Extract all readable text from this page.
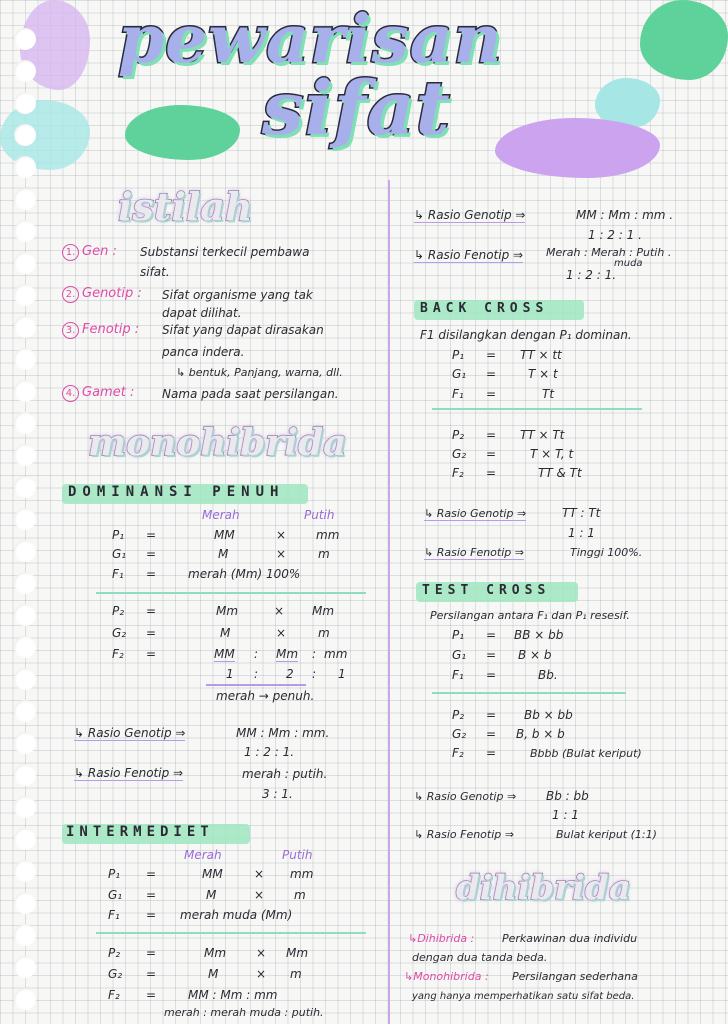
pewarisan
sifat
istilah
1. Gen : Substansi terkecil pembawa
sifat.
2. Genotip : Sifat organisme yang tak
dapat dilihat.
3. Fenotip : Sifat yang dapat dirasakan
panca indera.
↳ bentuk, Panjang, warna, dll.
4. Gamet : Nama pada saat persilangan.
monohibrida
DOMINANSI PENUH
Merah	Putih
P₁ =	MM	× mm
G₁ =	M	×	m
F₁ =	merah (Mm) 100%
P₂ =	Mm	× Mm
G₂ =	M	×	m
F₂ =	MM : Mm : mm
1 : 2 : 1
merah → penuh.
↳ Rasio Genotip ⇒	MM : Mm : mm.
1 : 2 : 1.
↳ Rasio Fenotip ⇒	merah : putih.
3 : 1.
INTERMEDIET
Merah	Putih
P₁ =	MM	× mm
G₁ =	M	× m
F₁ = merah muda (Mm)
P₂ =	Mm × Mm
G₂ =	M	× m
F₂ =	MM : Mm : mm
merah : merah muda : putih.
↳ Rasio Genotip ⇒	MM : Mm : mm .
1 : 2 : 1 .
↳ Rasio Fenotip ⇒ Merah : Merah : Putih .
muda
1 : 2 : 1.
BACK CROSS
F1 disilangkan dengan P₁ dominan.
P₁ = TT × tt
G₁ =	T × t
F₁ =	Tt
P₂ = TT × Tt
G₂ =	T × T, t
F₂ =	TT & Tt
↳ Rasio Genotip ⇒	TT : Tt
1 : 1
↳ Rasio Fenotip ⇒	Tinggi 100%.
TEST CROSS
Persilangan antara F₁ dan P₁ resesif.
P₁ = BB × bb
G₁ = B × b
F₁ =	Bb.
P₂ = Bb × bb
G₂ = B, b × b
F₂ =	Bbbb (Bulat keriput)
↳ Rasio Genotip ⇒ Bb : bb
1 : 1
↳ Rasio Fenotip ⇒	Bulat keriput (1:1)
dihibrida
↳Dihibrida :	Perkawinan dua individu
dengan dua tanda beda.
↳Monohibrida : Persilangan sederhana
yang hanya memperhatikan satu sifat beda.
